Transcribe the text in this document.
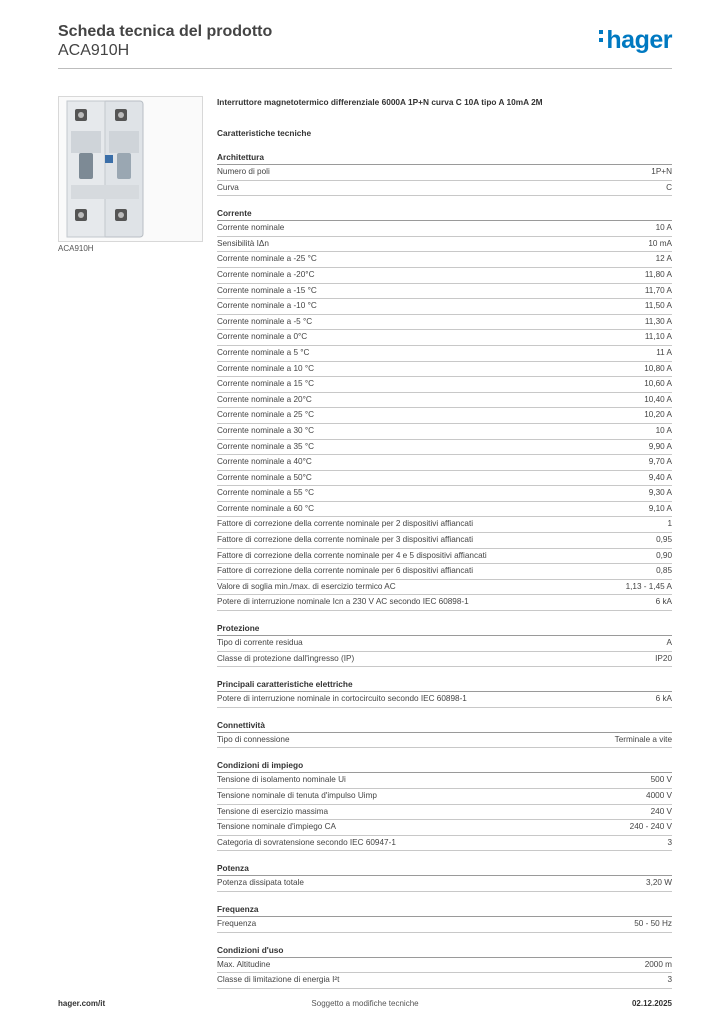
Scheda tecnica del prodotto
ACA910H	hager
ACA910H
Interruttore magnetotermico differenziale 6000A 1P+N curva C 10A tipo A 10mA 2M
Caratteristiche tecniche
Architettura
Numero di poli	1P+N
Curva	C
Corrente
Corrente nominale	10 A
Sensibilità IΔn	10 mA
Corrente nominale a -25 °C	12 A
Corrente nominale a -20°C	11,80 A
Corrente nominale a -15 °C	11,70 A
Corrente nominale a -10 °C	11,50 A
Corrente nominale a -5 °C	11,30 A
Corrente nominale a 0°C	11,10 A
Corrente nominale a 5 °C	11 A
Corrente nominale a 10 °C	10,80 A
Corrente nominale a 15 °C	10,60 A
Corrente nominale a 20°C	10,40 A
Corrente nominale a 25 °C	10,20 A
Corrente nominale a 30 °C	10 A
Corrente nominale a 35 °C	9,90 A
Corrente nominale a 40°C	9,70 A
Corrente nominale a 50°C	9,40 A
Corrente nominale a 55 °C	9,30 A
Corrente nominale a 60 °C	9,10 A
Fattore di correzione della corrente nominale per 2 dispositivi affiancati	1
Fattore di correzione della corrente nominale per 3 dispositivi affiancati	0,95
Fattore di correzione della corrente nominale per 4 e 5 dispositivi affiancati	0,90
Fattore di correzione della corrente nominale per 6 dispositivi affiancati	0,85
Valore di soglia min./max. di esercizio termico AC	1,13 - 1,45 A
Potere di interruzione nominale Icn a 230 V AC secondo IEC 60898-1	6 kA
Protezione
Tipo di corrente residua	A
Classe di protezione dall'ingresso (IP)	IP20
Principali caratteristiche elettriche
Potere di interruzione nominale in cortocircuito secondo IEC 60898-1	6 kA
Connettività
Tipo di connessione	Terminale a vite
Condizioni di impiego
Tensione di isolamento nominale Ui	500 V
Tensione nominale di tenuta d'impulso Uimp	4000 V
Tensione di esercizio massima	240 V
Tensione nominale d'impiego CA	240 - 240 V
Categoria di sovratensione secondo IEC 60947-1	3
Potenza
Potenza dissipata totale	3,20 W
Frequenza
Frequenza	50 - 50 Hz
Condizioni d'uso
Max. Altitudine	2000 m
Classe di limitazione di energia I²t	3
hager.com/it	Soggetto a modifiche tecniche	02.12.2025
